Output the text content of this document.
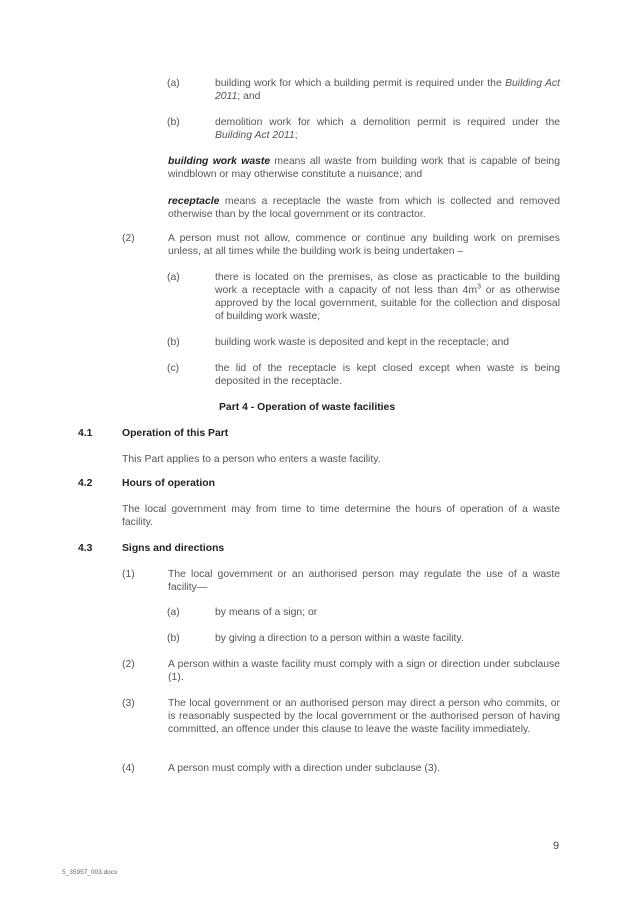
(a)	building work for which a building permit is required under the Building Act 2011; and
(b)	demolition work for which a demolition permit is required under the Building Act 2011;
building work waste means all waste from building work that is capable of being windblown or may otherwise constitute a nuisance; and
receptacle means a receptacle the waste from which is collected and removed otherwise than by the local government or its contractor.
(2)	A person must not allow, commence or continue any building work on premises unless, at all times while the building work is being undertaken –
(a)	there is located on the premises, as close as practicable to the building work a receptacle with a capacity of not less than $4m^3$ or as otherwise approved by the local government, suitable for the collection and disposal of building work waste;
(b)	building work waste is deposited and kept in the receptacle; and
(c)	the lid of the receptacle is kept closed except when waste is being deposited in the receptacle.
Part 4 - Operation of waste facilities
4.1	Operation of this Part
This Part applies to a person who enters a waste facility.
4.2	Hours of operation
The local government may from time to time determine the hours of operation of a waste facility.
4.3	Signs and directions
(1)	The local government or an authorised person may regulate the use of a waste facility—
(a)	by means of a sign; or
(b)	by giving a direction to a person within a waste facility.
(2)	A person within a waste facility must comply with a sign or direction under subclause (1).
(3)	The local government or an authorised person may direct a person who commits, or is reasonably suspected by the local government or the authorised person of having committed, an offence under this clause to leave the waste facility immediately.
(4)	A person must comply with a direction under subclause (3).
9
5_35957_003.docx
